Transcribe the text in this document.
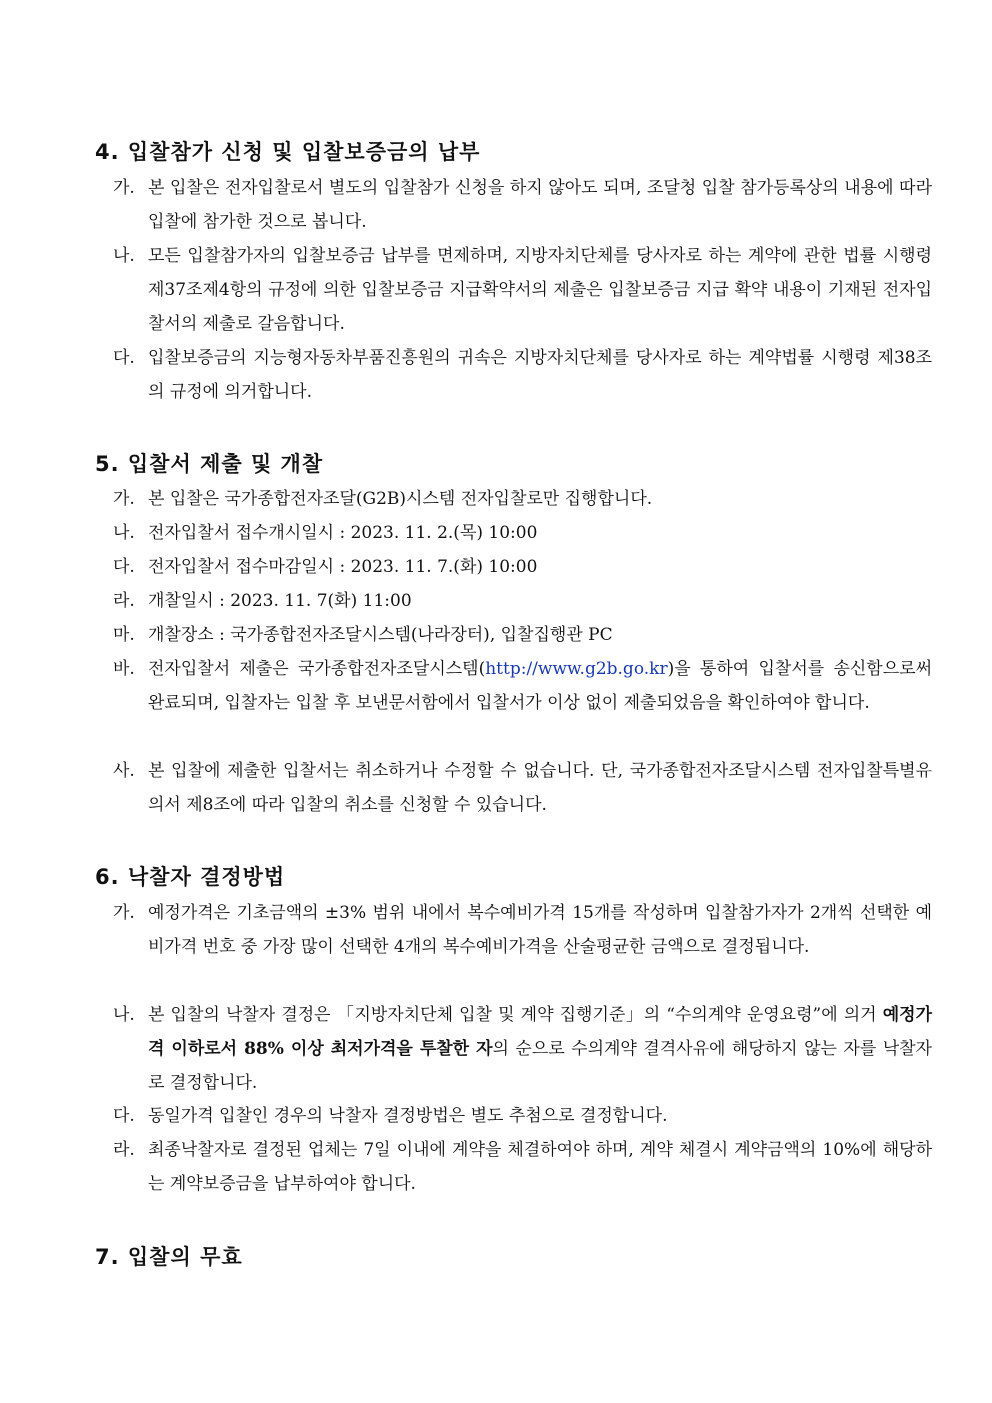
4. 입찰참가 신청 및 입찰보증금의 납부
가. 본 입찰은 전자입찰로서 별도의 입찰참가 신청을 하지 않아도 되며, 조달청 입찰 참가등록상의 내용에 따라 입찰에 참가한 것으로 봅니다.
나. 모든 입찰참가자의 입찰보증금 납부를 면제하며, 지방자치단체를 당사자로 하는 계약에 관한 법률 시행령 제37조제4항의 규정에 의한 입찰보증금 지급확약서의 제출은 입찰보증금 지급 확약 내용이 기재된 전자입찰서의 제출로 갈음합니다.
다. 입찰보증금의 지능형자동차부품진흥원의 귀속은 지방자치단체를 당사자로 하는 계약법률 시행령 제38조의 규정에 의거합니다.
5. 입찰서 제출 및 개찰
가. 본 입찰은 국가종합전자조달(G2B)시스템 전자입찰로만 집행합니다.
나. 전자입찰서 접수개시일시 : 2023. 11. 2.(목) 10:00
다. 전자입찰서 접수마감일시 : 2023. 11. 7.(화) 10:00
라. 개찰일시 : 2023. 11. 7(화) 11:00
마. 개찰장소 : 국가종합전자조달시스템(나라장터), 입찰집행관 PC
바. 전자입찰서 제출은 국가종합전자조달시스템(http://www.g2b.go.kr)을 통하여 입찰서를 송신함으로써 완료되며, 입찰자는 입찰 후 보낸문서함에서 입찰서가 이상 없이 제출되었음을 확인하여야 합니다.
사. 본 입찰에 제출한 입찰서는 취소하거나 수정할 수 없습니다. 단, 국가종합전자조달시스템 전자입찰특별유의서 제8조에 따라 입찰의 취소를 신청할 수 있습니다.
6. 낙찰자 결정방법
가. 예정가격은 기초금액의 ±3% 범위 내에서 복수예비가격 15개를 작성하며 입찰참가자가 2개씩 선택한 예비가격 번호 중 가장 많이 선택한 4개의 복수예비가격을 산술평균한 금액으로 결정됩니다.
나. 본 입찰의 낙찰자 결정은 「지방자치단체 입찰 및 계약 집행기준」의 “수의계약 운영요령”에 의거 예정가격 이하로서 88% 이상 최저가격을 투찰한 자의 순으로 수의계약 결격사유에 해당하지 않는 자를 낙찰자로 결정합니다.
다. 동일가격 입찰인 경우의 낙찰자 결정방법은 별도 추첨으로 결정합니다.
라. 최종낙찰자로 결정된 업체는 7일 이내에 계약을 체결하여야 하며, 계약 체결시 계약금액의 10%에 해당하는 계약보증금을 납부하여야 합니다.
7. 입찰의 무효
